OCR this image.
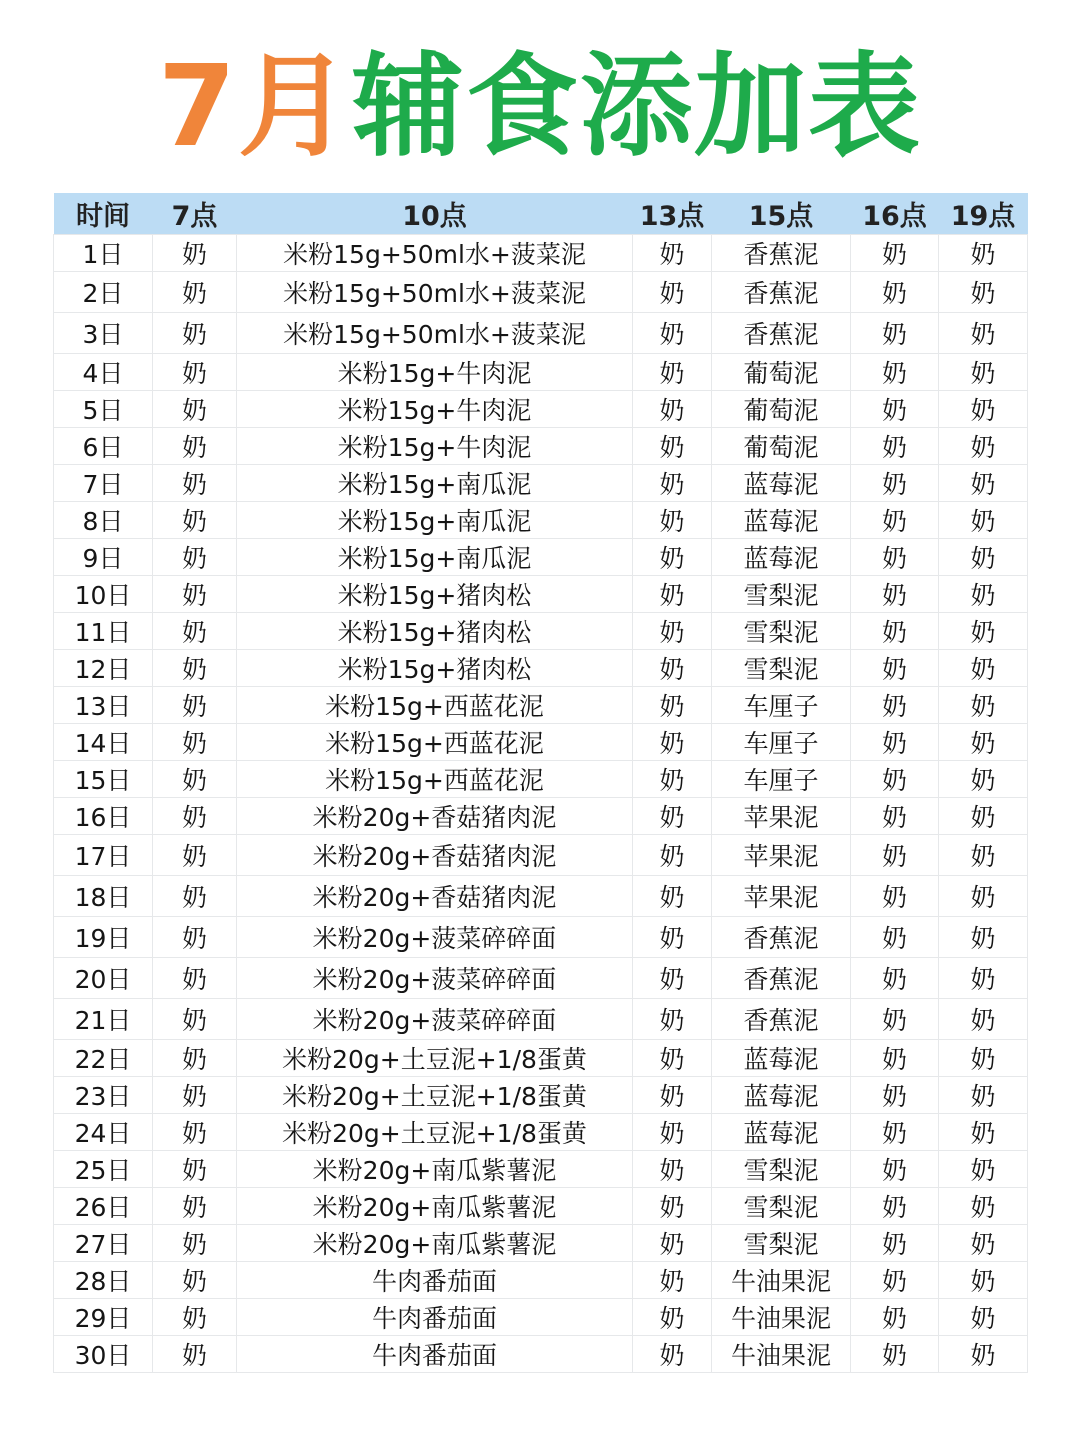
7月辅食添加表
时间	7点	10点	13点	15点	16点	19点
1日	奶	米粉15g+50ml水+菠菜泥	奶	香蕉泥	奶	奶
2日	奶	米粉15g+50ml水+菠菜泥	奶	香蕉泥	奶	奶
3日	奶	米粉15g+50ml水+菠菜泥	奶	香蕉泥	奶	奶
4日	奶	米粉15g+牛肉泥	奶	葡萄泥	奶	奶
5日	奶	米粉15g+牛肉泥	奶	葡萄泥	奶	奶
6日	奶	米粉15g+牛肉泥	奶	葡萄泥	奶	奶
7日	奶	米粉15g+南瓜泥	奶	蓝莓泥	奶	奶
8日	奶	米粉15g+南瓜泥	奶	蓝莓泥	奶	奶
9日	奶	米粉15g+南瓜泥	奶	蓝莓泥	奶	奶
10日	奶	米粉15g+猪肉松	奶	雪梨泥	奶	奶
11日	奶	米粉15g+猪肉松	奶	雪梨泥	奶	奶
12日	奶	米粉15g+猪肉松	奶	雪梨泥	奶	奶
13日	奶	米粉15g+西蓝花泥	奶	车厘子	奶	奶
14日	奶	米粉15g+西蓝花泥	奶	车厘子	奶	奶
15日	奶	米粉15g+西蓝花泥	奶	车厘子	奶	奶
16日	奶	米粉20g+香菇猪肉泥	奶	苹果泥	奶	奶
17日	奶	米粉20g+香菇猪肉泥	奶	苹果泥	奶	奶
18日	奶	米粉20g+香菇猪肉泥	奶	苹果泥	奶	奶
19日	奶	米粉20g+菠菜碎碎面	奶	香蕉泥	奶	奶
20日	奶	米粉20g+菠菜碎碎面	奶	香蕉泥	奶	奶
21日	奶	米粉20g+菠菜碎碎面	奶	香蕉泥	奶	奶
22日	奶	米粉20g+土豆泥+1/8蛋黄	奶	蓝莓泥	奶	奶
23日	奶	米粉20g+土豆泥+1/8蛋黄	奶	蓝莓泥	奶	奶
24日	奶	米粉20g+土豆泥+1/8蛋黄	奶	蓝莓泥	奶	奶
25日	奶	米粉20g+南瓜紫薯泥	奶	雪梨泥	奶	奶
26日	奶	米粉20g+南瓜紫薯泥	奶	雪梨泥	奶	奶
27日	奶	米粉20g+南瓜紫薯泥	奶	雪梨泥	奶	奶
28日	奶	牛肉番茄面	奶	牛油果泥	奶	奶
29日	奶	牛肉番茄面	奶	牛油果泥	奶	奶
30日	奶	牛肉番茄面	奶	牛油果泥	奶	奶
